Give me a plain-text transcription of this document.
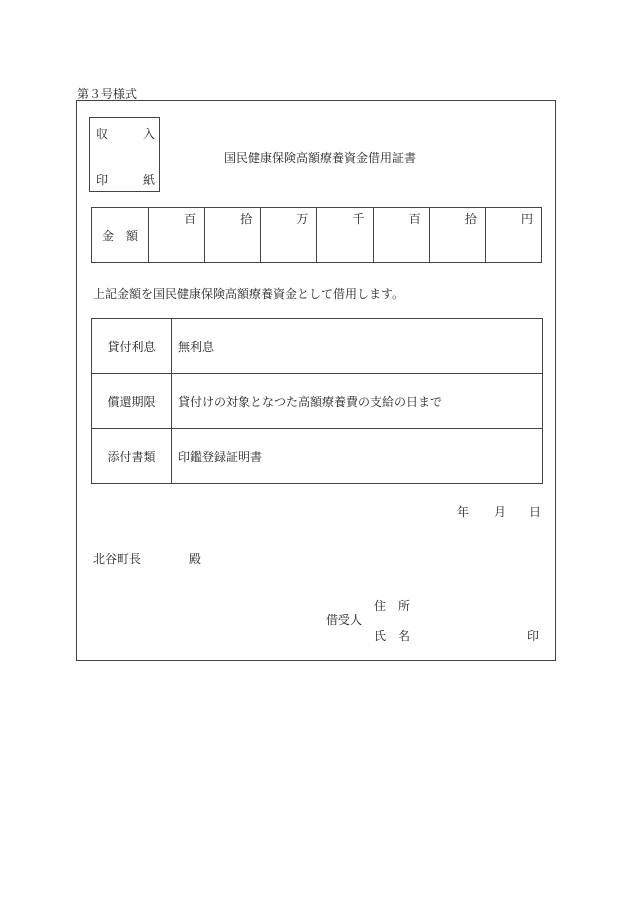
第３号様式
収	入
印	紙
国民健康保険高額療養資金借用証書
金　額

百	拾	万	千	百	拾	円
上記金額を国民健康保険高額療養資金として借用します。
貸付利息	無利息
償還期限	貸付けの対象となつた高額療養費の支給の日まで
添付書類	印鑑登録証明書
年 月 日
北谷町長	殿
住　所
借受人
氏　名	印
